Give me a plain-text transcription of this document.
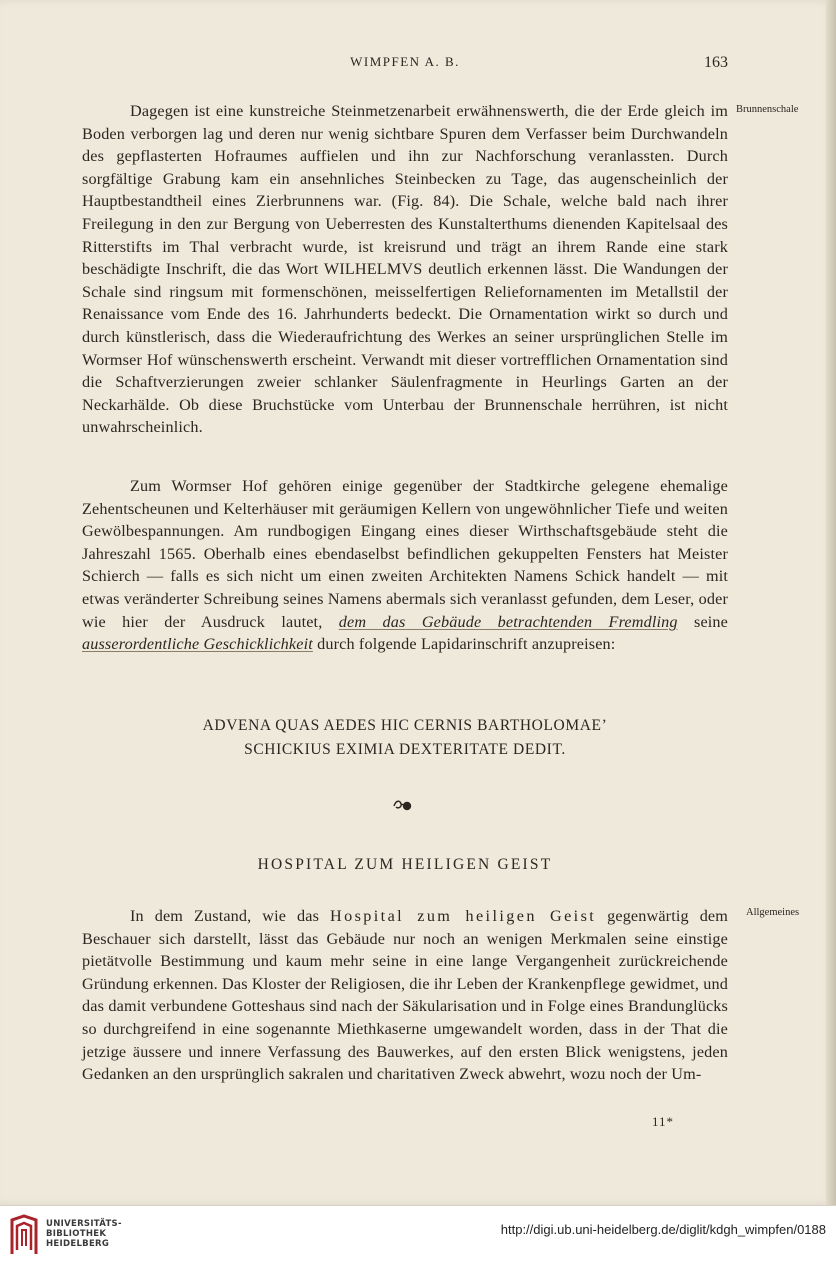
WIMPFEN A. B.	163
Brunnenschale
Allgemeines

Dagegen ist eine kunstreiche Steinmetzenarbeit erwähnenswerth, die der Erde gleich im Boden verborgen lag und deren nur wenig sichtbare Spuren dem Verfasser beim Durchwandeln des gepflasterten Hofraumes auffielen und ihn zur Nachforschung veranlassten. Durch sorgfältige Grabung kam ein ansehnliches Steinbecken zu Tage, das augenscheinlich der Hauptbestandtheil eines Zierbrunnens war. (Fig. 84). Die Schale, welche bald nach ihrer Freilegung in den zur Bergung von Ueberresten des Kunstalterthums dienenden Kapitelsaal des Ritterstifts im Thal verbracht wurde, ist kreisrund und trägt an ihrem Rande eine stark beschädigte Inschrift, die das Wort WILHELMVS deutlich erkennen lässt. Die Wandungen der Schale sind ringsum mit formenschönen, meisselfertigen Reliefornamenten im Metallstil der Renaissance vom Ende des 16. Jahrhunderts bedeckt. Die Ornamentation wirkt so durch und durch künstlerisch, dass die Wiederaufrichtung des Werkes an seiner ursprünglichen Stelle im Wormser Hof wünschenswerth erscheint. Verwandt mit dieser vortrefflichen Ornamentation sind die Schaftverzierungen zweier schlanker Säulenfragmente in Heurlings Garten an der Neckarhälde. Ob diese Bruchstücke vom Unterbau der Brunnenschale herrühren, ist nicht unwahrscheinlich.

Zum Wormser Hof gehören einige gegenüber der Stadtkirche gelegene ehemalige Zehentscheunen und Kelterhäuser mit geräumigen Kellern von ungewöhnlicher Tiefe und weiten Gewölbespannungen. Am rundbogigen Eingang eines dieser Wirthschaftsgebäude steht die Jahreszahl 1565. Oberhalb eines ebendaselbst befindlichen gekuppelten Fensters hat Meister Schierch — falls es sich nicht um einen zweiten Architekten Namens Schick handelt — mit etwas veränderter Schreibung seines Namens abermals sich veranlasst gefunden, dem Leser, oder wie hier der Ausdruck lautet, dem das Gebäude betrachtenden Fremdling seine ausserordentliche Geschicklichkeit durch folgende Lapidarinschrift anzupreisen:

ADVENA QUAS AEDES HIC CERNIS BARTHOLOMAE’
SCHICKIUS EXIMIA DEXTERITATE DEDIT.
HOSPITAL ZUM HEILIGEN GEIST

In dem Zustand, wie das Hospital zum heiligen Geist gegenwärtig dem Beschauer sich darstellt, lässt das Gebäude nur noch an wenigen Merkmalen seine einstige pietätvolle Bestimmung und kaum mehr seine in eine lange Vergangenheit zurückreichende Gründung erkennen. Das Kloster der Religiosen, die ihr Leben der Krankenpflege gewidmet, und das damit verbundene Gotteshaus sind nach der Säkularisation und in Folge eines Brandunglücks so durchgreifend in eine sogenannte Miethkaserne umgewandelt worden, dass in der That die jetzige äussere und innere Verfassung des Bauwerkes, auf den ersten Blick wenigstens, jeden Gedanken an den ursprünglich sakralen und charitativen Zweck abwehrt, wozu noch der Um-

11*
UNIVERSITÄTS-
BIBLIOTHEK
HEIDELBERG
http://digi.ub.uni-heidelberg.de/diglit/kdgh_wimpfen/0188
